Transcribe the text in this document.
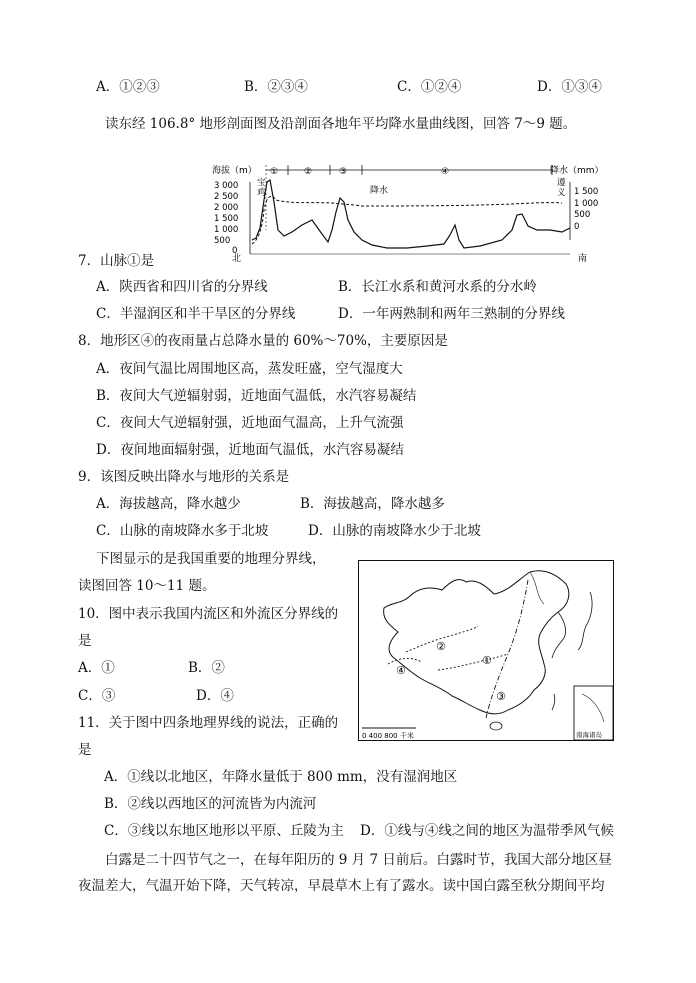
A．①②③	B．②③④	C．①②④	D．①③④
读东经 106.8° 地形剖面图及沿剖面各地年平均降水量曲线图，回答 7～9 题。
海拔（m）	降水（mm）
①	②	③	④
3 000
2 500
2 000
1 500
1 000
500
0
1 500
1 000
500
0
宝
鸡
遵
义
降水
北	南
7．山脉①是
A．陕西省和四川省的分界线	B．长江水系和黄河水系的分水岭
C．半湿润区和半干旱区的分界线	D．一年两熟制和两年三熟制的分界线
8．地形区④的夜雨量占总降水量的 60%～70%，主要原因是
A．夜间气温比周围地区高，蒸发旺盛，空气湿度大
B．夜间大气逆辐射弱，近地面气温低，水汽容易凝结
C．夜间大气逆辐射强，近地面气温高，上升气流强
D．夜间地面辐射强，近地面气温低，水汽容易凝结
9．该图反映出降水与地形的关系是
A．海拔越高，降水越少	B．海拔越高，降水越多
C．山脉的南坡降水多于北坡	D．山脉的南坡降水少于北坡
下图显示的是我国重要的地理分界线，
读图回答 10～11 题。
10．图中表示我国内流区和外流区分界线的
是
A．①	B．②
C．③	D．④
11．关于图中四条地理界线的说法，正确的
是
A．①线以北地区，年降水量低于 800 mm，没有湿润地区
B．②线以西地区的河流皆为内流河
C．③线以东地区地形以平原、丘陵为主 D．①线与④线之间的地区为温带季风气候
①
②
③
④
0 400 800 千米	南海诸岛
白露是二十四节气之一，在每年阳历的 9 月 7 日前后。白露时节，我国大部分地区昼
夜温差大，气温开始下降，天气转凉，早晨草木上有了露水。读中国白露至秋分期间平均
